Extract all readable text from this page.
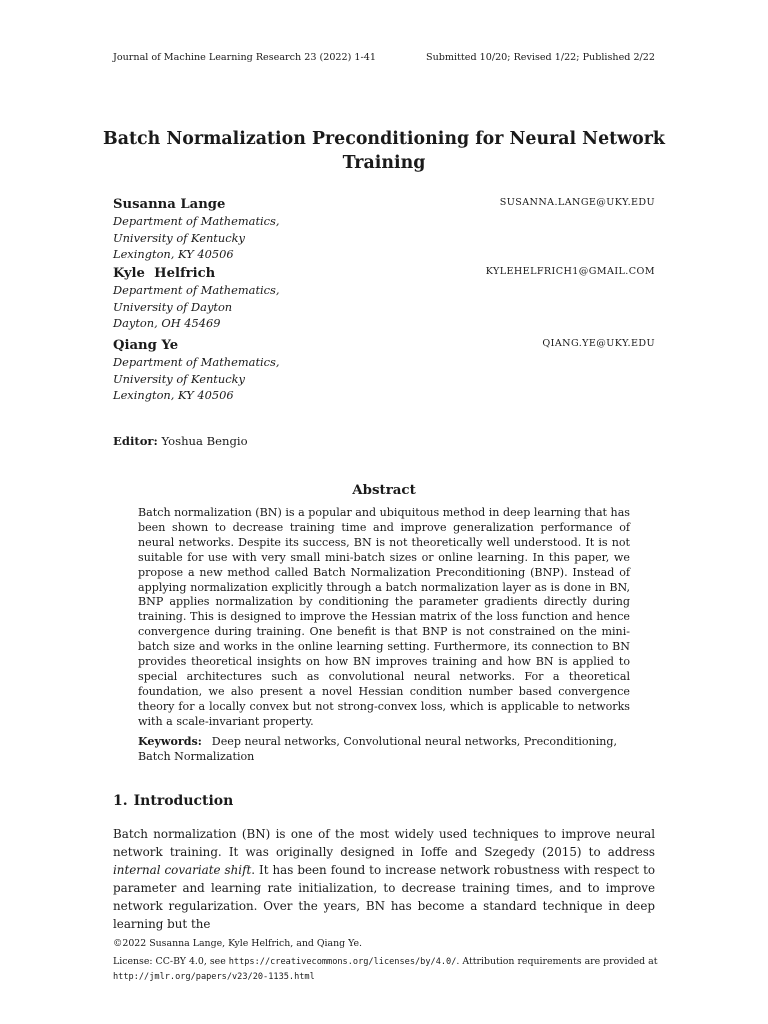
Journal of Machine Learning Research 23 (2022) 1-41	Submitted 10/20; Revised 1/22; Published 2/22
Batch Normalization Preconditioning for Neural Network Training
Susanna Lange	SUSANNA.LANGE@UKY.EDU
Department of Mathematics,
University of Kentucky
Lexington, KY 40506
Kyle  Helfrich	KYLEHELFRICH1@GMAIL.COM
Department of Mathematics,
University of Dayton
Dayton, OH 45469
Qiang Ye	QIANG.YE@UKY.EDU
Department of Mathematics,
University of Kentucky
Lexington, KY 40506
Editor: Yoshua Bengio
Abstract

Batch normalization (BN) is a popular and ubiquitous method in deep learning that has been shown to decrease training time and improve generalization performance of neural networks. Despite its success, BN is not theoretically well understood. It is not suitable for use with very small mini-batch sizes or online learning. In this paper, we propose a new method called Batch Normalization Preconditioning (BNP). Instead of applying normalization explicitly through a batch normalization layer as is done in BN, BNP applies normalization by conditioning the parameter gradients directly during training. This is designed to improve the Hessian matrix of the loss function and hence convergence during training. One benefit is that BNP is not constrained on the mini-batch size and works in the online learning setting. Furthermore, its connection to BN provides theoretical insights on how BN improves training and how BN is applied to special architectures such as convolutional neural networks. For a theoretical foundation, we also present a novel Hessian condition number based convergence theory for a locally convex but not strong-convex loss, which is applicable to networks with a scale-invariant property.

Keywords: Deep neural networks, Convolutional neural networks, Preconditioning, Batch Normalization
1. Introduction

Batch normalization (BN) is one of the most widely used techniques to improve neural network training. It was originally designed in Ioffe and Szegedy (2015) to address internal covariate shift. It has been found to increase network robustness with respect to parameter and learning rate initialization, to decrease training times, and to improve network regularization. Over the years, BN has become a standard technique in deep learning but the

©2022 Susanna Lange, Kyle Helfrich, and Qiang Ye.
License: CC-BY 4.0, see https://creativecommons.org/licenses/by/4.0/. Attribution requirements are provided at http://jmlr.org/papers/v23/20-1135.html
